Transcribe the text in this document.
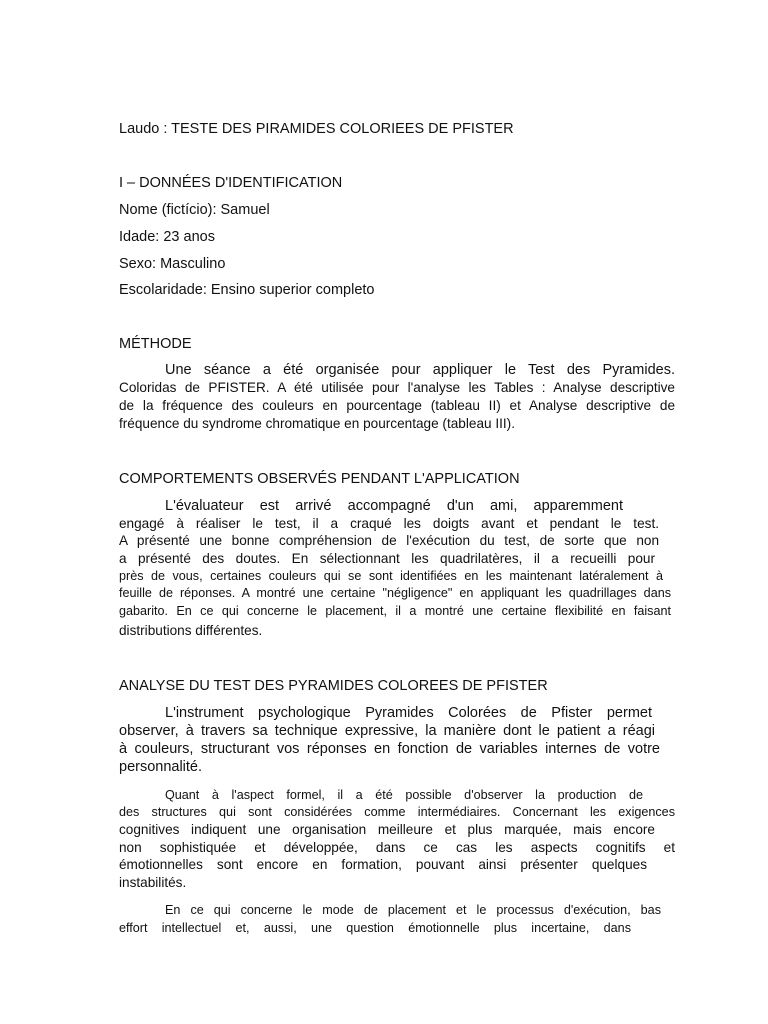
Laudo : TESTE DES PIRAMIDES COLORIEES DE PFISTER

I – DONNÉES D'IDENTIFICATION

Nome (fictício): Samuel

Idade: 23 anos

Sexo: Masculino

Escolaridade: Ensino superior completo

MÉTHODE

Une séance a été organisée pour appliquer le Test des Pyramides.

Coloridas de PFISTER. A été utilisée pour l'analyse les Tables : Analyse descriptive

de la fréquence des couleurs en pourcentage (tableau II) et Analyse descriptive de

fréquence du syndrome chromatique en pourcentage (tableau III).

COMPORTEMENTS OBSERVÉS PENDANT L'APPLICATION

L'évaluateur est arrivé accompagné d'un ami, apparemment

engagé à réaliser le test, il a craqué les doigts avant et pendant le test.

A présenté une bonne compréhension de l'exécution du test, de sorte que non

a présenté des doutes. En sélectionnant les quadrilatères, il a recueilli pour

près de vous, certaines couleurs qui se sont identifiées en les maintenant latéralement à

feuille de réponses. A montré une certaine "négligence" en appliquant les quadrillages dans

gabarito. En ce qui concerne le placement, il a montré une certaine flexibilité en faisant

distributions différentes.

ANALYSE DU TEST DES PYRAMIDES COLOREES DE PFISTER

L'instrument psychologique Pyramides Colorées de Pfister permet

observer, à travers sa technique expressive, la manière dont le patient a réagi

à couleurs, structurant vos réponses en fonction de variables internes de votre

personnalité.

Quant à l'aspect formel, il a été possible d'observer la production de

des structures qui sont considérées comme intermédiaires. Concernant les exigences

cognitives indiquent une organisation meilleure et plus marquée, mais encore

non sophistiquée et développée, dans ce cas les aspects cognitifs et

émotionnelles sont encore en formation, pouvant ainsi présenter quelques

instabilités.

En ce qui concerne le mode de placement et le processus d'exécution, bas

effort intellectuel et, aussi, une question émotionnelle plus incertaine, dans
